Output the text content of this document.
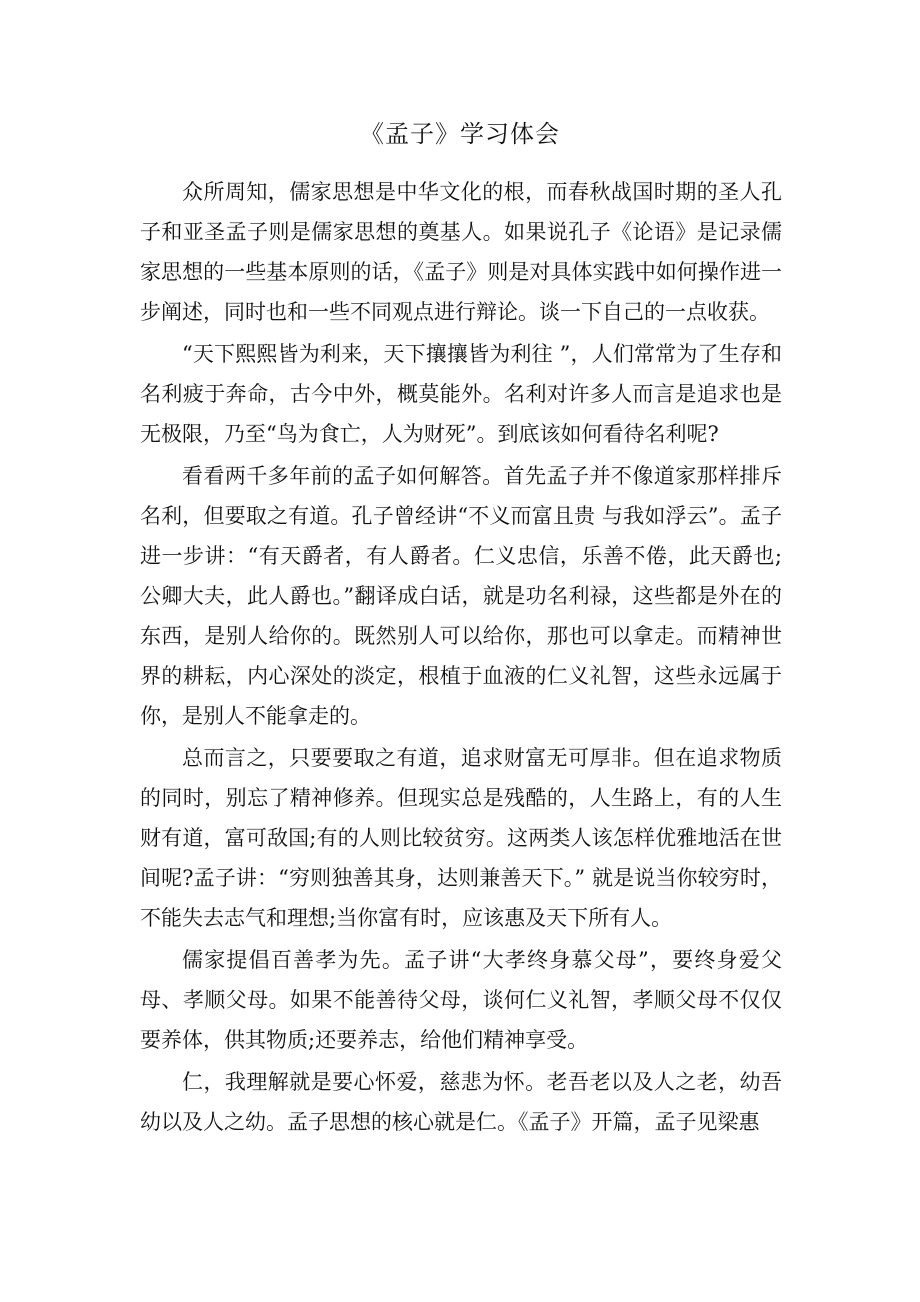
《孟子》学习体会

众所周知，儒家思想是中华文化的根，而春秋战国时期的圣人孔子和亚圣孟子则是儒家思想的奠基人。如果说孔子《论语》是记录儒家思想的一些基本原则的话，《孟子》则是对具体实践中如何操作进一步阐述，同时也和一些不同观点进行辩论。谈一下自己的一点收获。

“天下熙熙皆为利来，天下攘攘皆为利往 ”，人们常常为了生存和名利疲于奔命，古今中外，概莫能外。名利对许多人而言是追求也是无极限，乃至“鸟为食亡，人为财死”。到底该如何看待名利呢?

看看两千多年前的孟子如何解答。首先孟子并不像道家那样排斥名利，但要取之有道。孔子曾经讲“不义而富且贵 与我如浮云”。孟子进一步讲：“有天爵者，有人爵者。仁义忠信，乐善不倦，此天爵也;公卿大夫，此人爵也。”翻译成白话，就是功名利禄，这些都是外在的东西，是别人给你的。既然别人可以给你，那也可以拿走。而精神世界的耕耘，内心深处的淡定，根植于血液的仁义礼智，这些永远属于你，是别人不能拿走的。

总而言之，只要要取之有道，追求财富无可厚非。但在追求物质的同时，别忘了精神修养。但现实总是残酷的，人生路上，有的人生财有道，富可敌国;有的人则比较贫穷。这两类人该怎样优雅地活在世间呢?孟子讲：“穷则独善其身，达则兼善天下。” 就是说当你较穷时，不能失去志气和理想;当你富有时，应该惠及天下所有人。

儒家提倡百善孝为先。孟子讲“大孝终身慕父母”，要终身爱父母、孝顺父母。如果不能善待父母，谈何仁义礼智，孝顺父母不仅仅要养体，供其物质;还要养志，给他们精神享受。

仁，我理解就是要心怀爱，慈悲为怀。老吾老以及人之老，幼吾幼以及人之幼。孟子思想的核心就是仁。《孟子》开篇，孟子见梁惠
